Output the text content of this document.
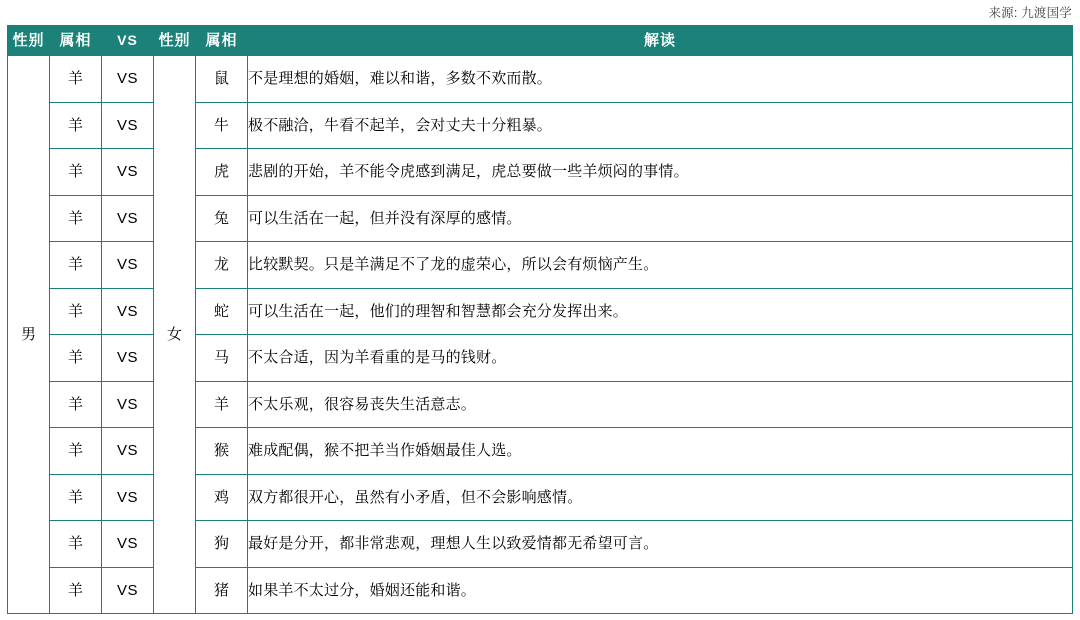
来源: 九渡国学
性别	属相	VS	性别	属相	解读
男	羊	VS	女	鼠	不是理想的婚姻，难以和谐，多数不欢而散。
	羊	VS		牛	极不融洽，牛看不起羊，会对丈夫十分粗暴。
	羊	VS		虎	悲剧的开始，羊不能令虎感到满足，虎总要做一些羊烦闷的事情。
	羊	VS		兔	可以生活在一起，但并没有深厚的感情。
	羊	VS		龙	比较默契。只是羊满足不了龙的虚荣心，所以会有烦恼产生。
	羊	VS		蛇	可以生活在一起，他们的理智和智慧都会充分发挥出来。
	羊	VS		马	不太合适，因为羊看重的是马的钱财。
	羊	VS		羊	不太乐观，很容易丧失生活意志。
	羊	VS		猴	难成配偶，猴不把羊当作婚姻最佳人选。
	羊	VS		鸡	双方都很开心，虽然有小矛盾，但不会影响感情。
	羊	VS		狗	最好是分开，都非常悲观，理想人生以致爱情都无希望可言。
	羊	VS		猪	如果羊不太过分，婚姻还能和谐。
